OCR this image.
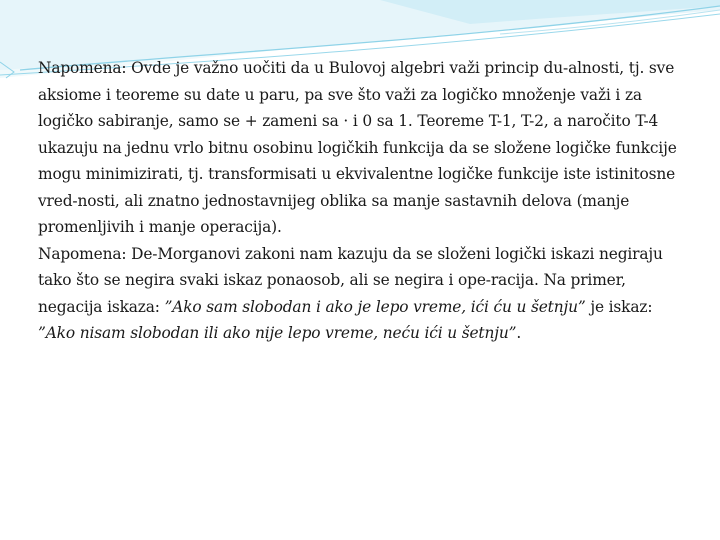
Napomena: Ovde je važno uočiti da u Bulovoj algebri važi princip du-alnosti, tj. sve aksiome i teoreme su date u paru, pa sve što važi za logičko množenje važi i za logičko sabiranje, samo se + zameni sa · i 0 sa 1. Teoreme T-1, T-2, a naročito T-4 ukazuju na jednu vrlo bitnu osobinu logičkih funkcija da se složene logičke funkcije mogu minimizirati, tj. transformisati u ekvivalentne logičke funkcije iste istinitosne vred-nosti, ali znatno jednostavnijeg oblika sa manje sastavnih delova (manje promenljivih i manje operacija).

Napomena: De-Morganovi zakoni nam kazuju da se složeni logički iskazi negiraju tako što se negira svaki iskaz ponaosob, ali se negira i ope-racija. Na primer, negacija iskaza: ”Ako sam slobodan i ako je lepo vreme, ići ću u šetnju” je iskaz: ”Ako nisam slobodan ili ako nije lepo vreme, neću ići u šetnju”.
